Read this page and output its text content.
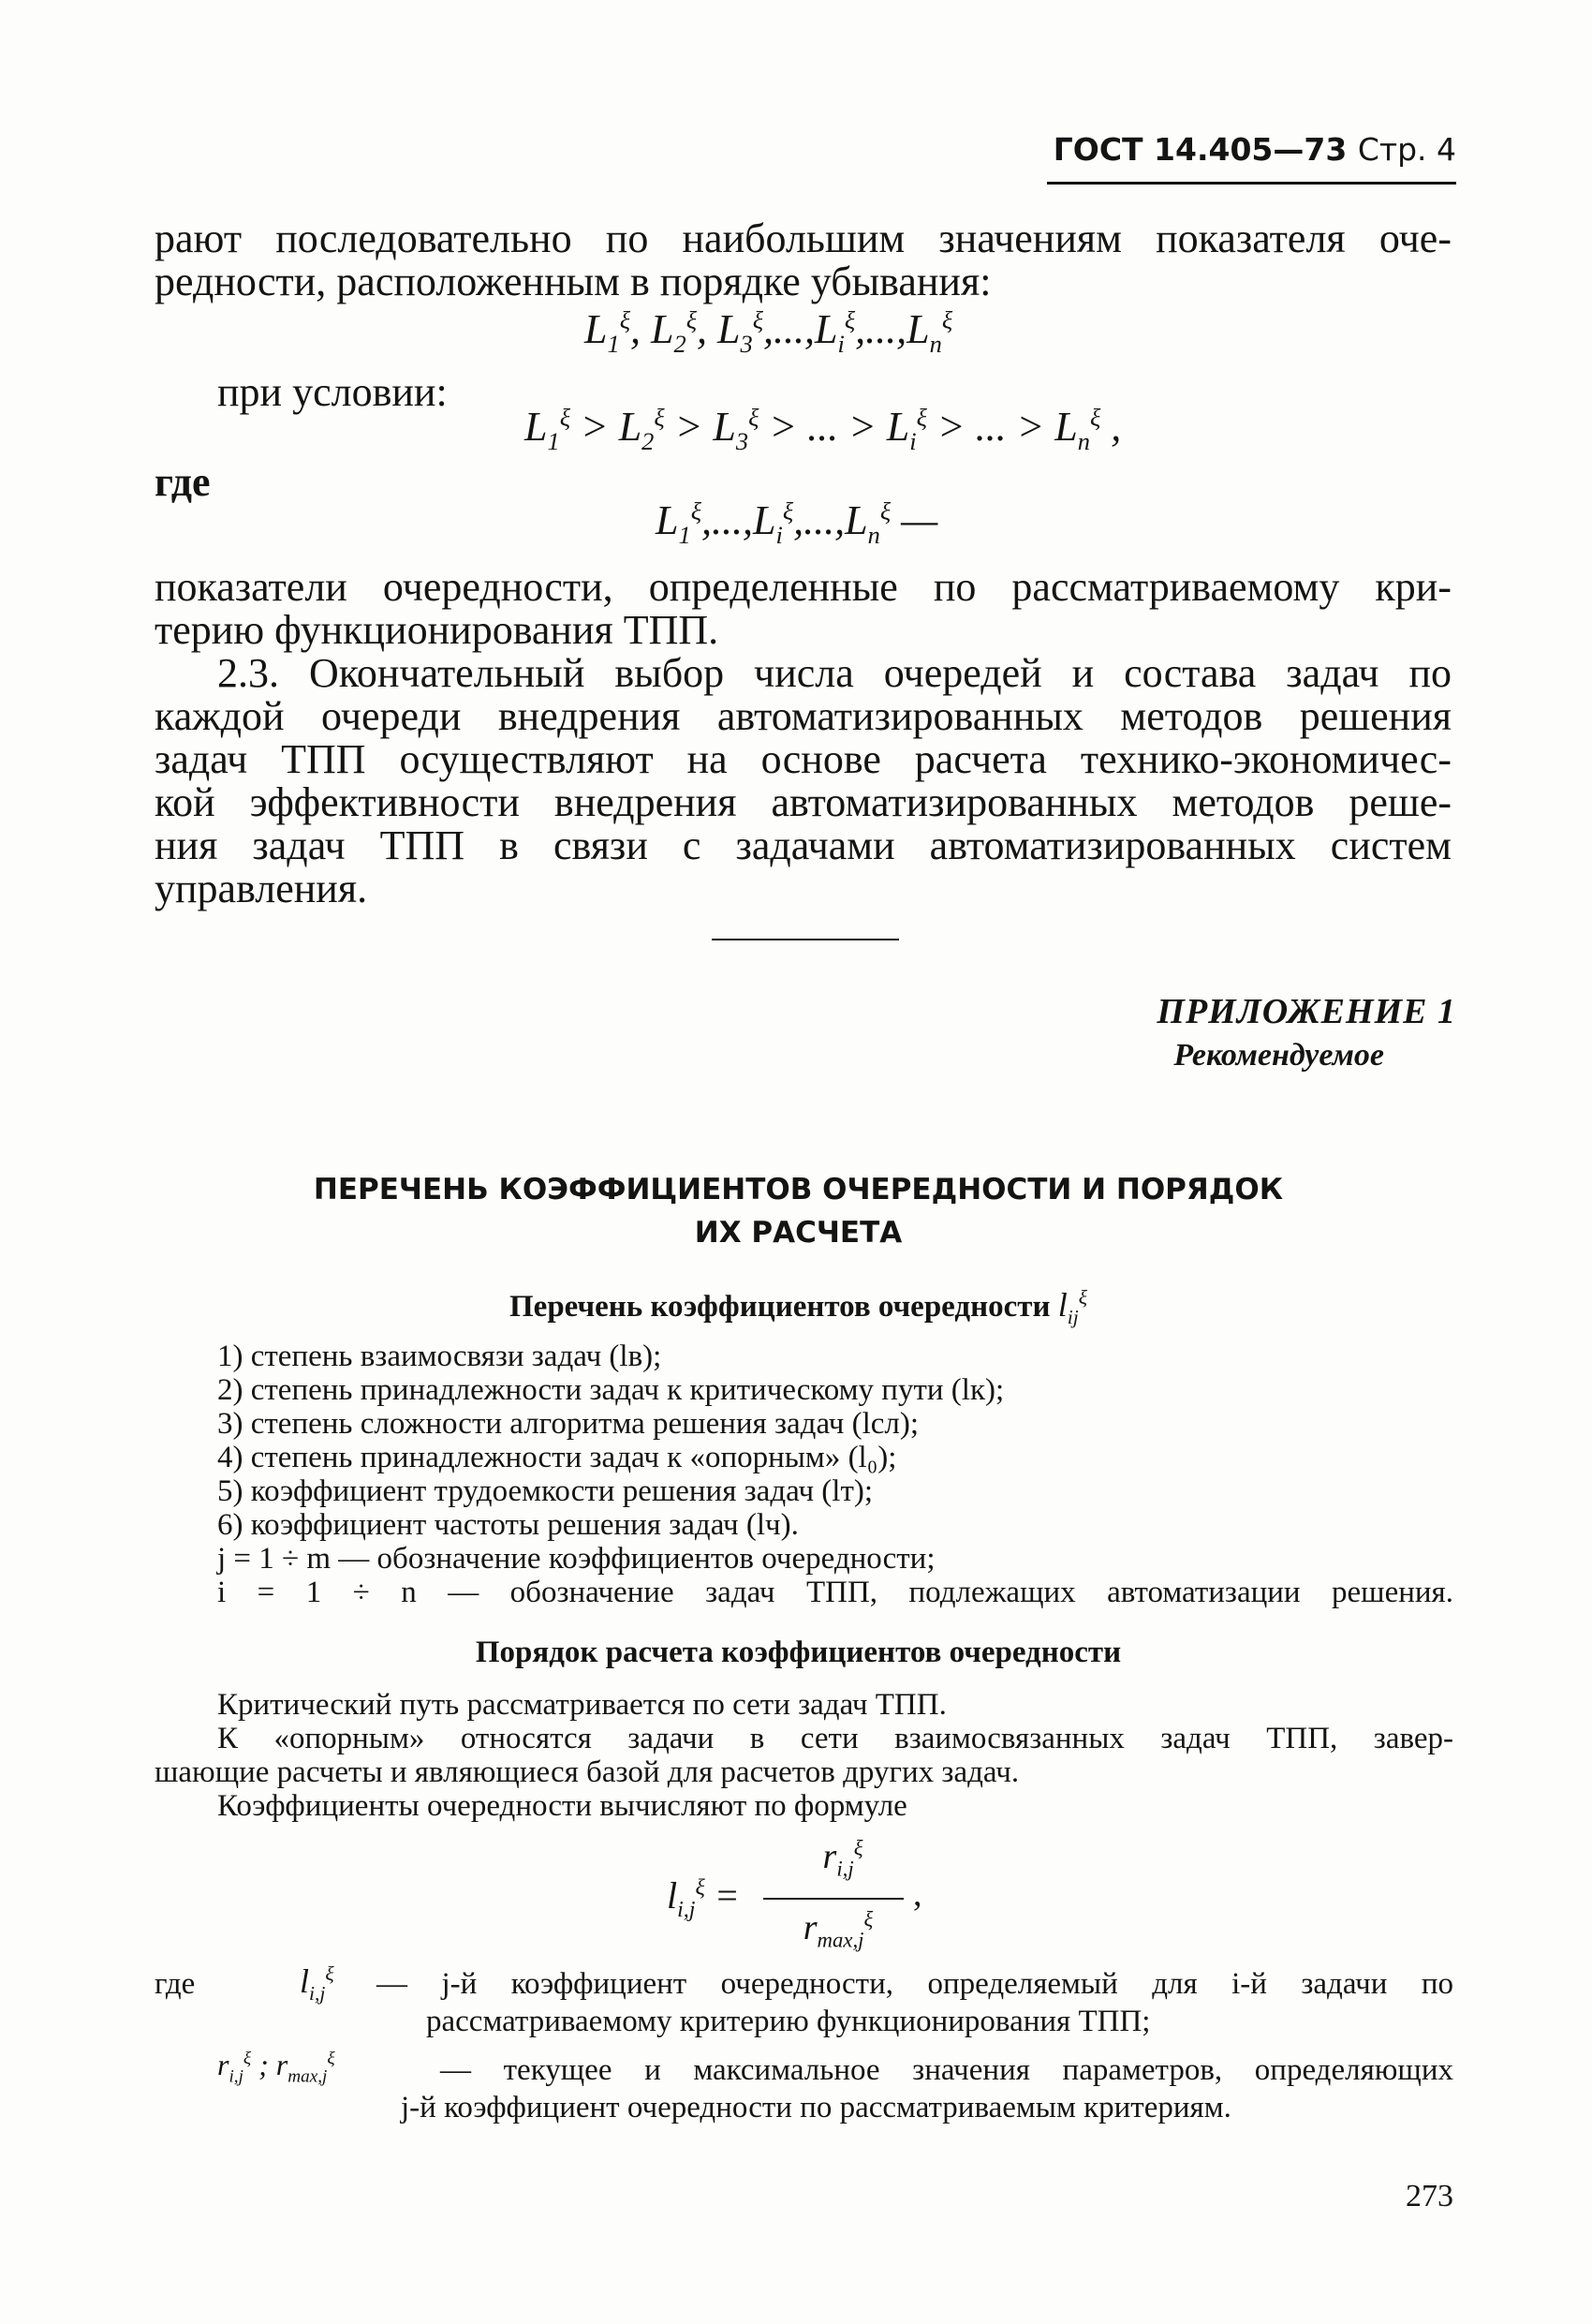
ГОСТ 14.405—73 Стр. 4
рают последовательно по наибольшим значениям показателя оче-
редности, расположенным в порядке убывания:
$L_1^\xi$, $L_2^\xi$, $L_3^\xi,...,L_i^\xi,...,L_n^\xi$
при условии:
$L_1^\xi > L_2^\xi > L_3^\xi$ > ... > $L_i^\xi$ > ... > $L_n^\xi$ ,
где
$L_1^\xi,...,L_i^\xi,...,L_n^\xi$ —
показатели очередности, определенные по рассматриваемому кри-
терию функционирования ТПП.
2.3. Окончательный выбор числа очередей и состава задач по
каждой очереди внедрения автоматизированных методов решения
задач ТПП осуществляют на основе расчета технико-экономичес-
кой эффективности внедрения автоматизированных методов реше-
ния задач ТПП в связи с задачами автоматизированных систем
управления.
ПРИЛОЖЕНИЕ 1
Рекомендуемое
ПЕРЕЧЕНЬ КОЭФФИЦИЕНТОВ ОЧЕРЕДНОСТИ И ПОРЯДОК
ИХ РАСЧЕТА
Перечень коэффициентов очередности $l_{ij}^\xi$
1) степень взаимосвязи задач (lв);
2) степень принадлежности задач к критическому пути (lк);
3) степень сложности алгоритма решения задач (lсл);
4) степень принадлежности задач к «опорным» (l₀);
5) коэффициент трудоемкости решения задач (lт);
6) коэффициент частоты решения задач (lч).
j = 1 ÷ m — обозначение коэффициентов очередности;
i = 1 ÷ n — обозначение задач ТПП, подлежащих автоматизации решения.
Порядок расчета коэффициентов очередности
Критический путь рассматривается по сети задач ТПП.
К «опорным» относятся задачи в сети взаимосвязанных задач ТПП, завер-
шающие расчеты и являющиеся базой для расчетов других задач.
Коэффициенты очередности вычисляют по формуле
$l_{i,j}^\xi$ =
$r_{i,j}^\xi$
$r_{max,j}^\xi$
,
где	$l_{i,j}^\xi$ — j-й коэффициент очередности, определяемый для i-й задачи по
рассматриваемому критерию функционирования ТПП;
$r_{i,j}^\xi$ ; $r_{max,j}^\xi$	— текущее и максимальное значения параметров, определяющих
j-й коэффициент очередности по рассматриваемым критериям.
273
